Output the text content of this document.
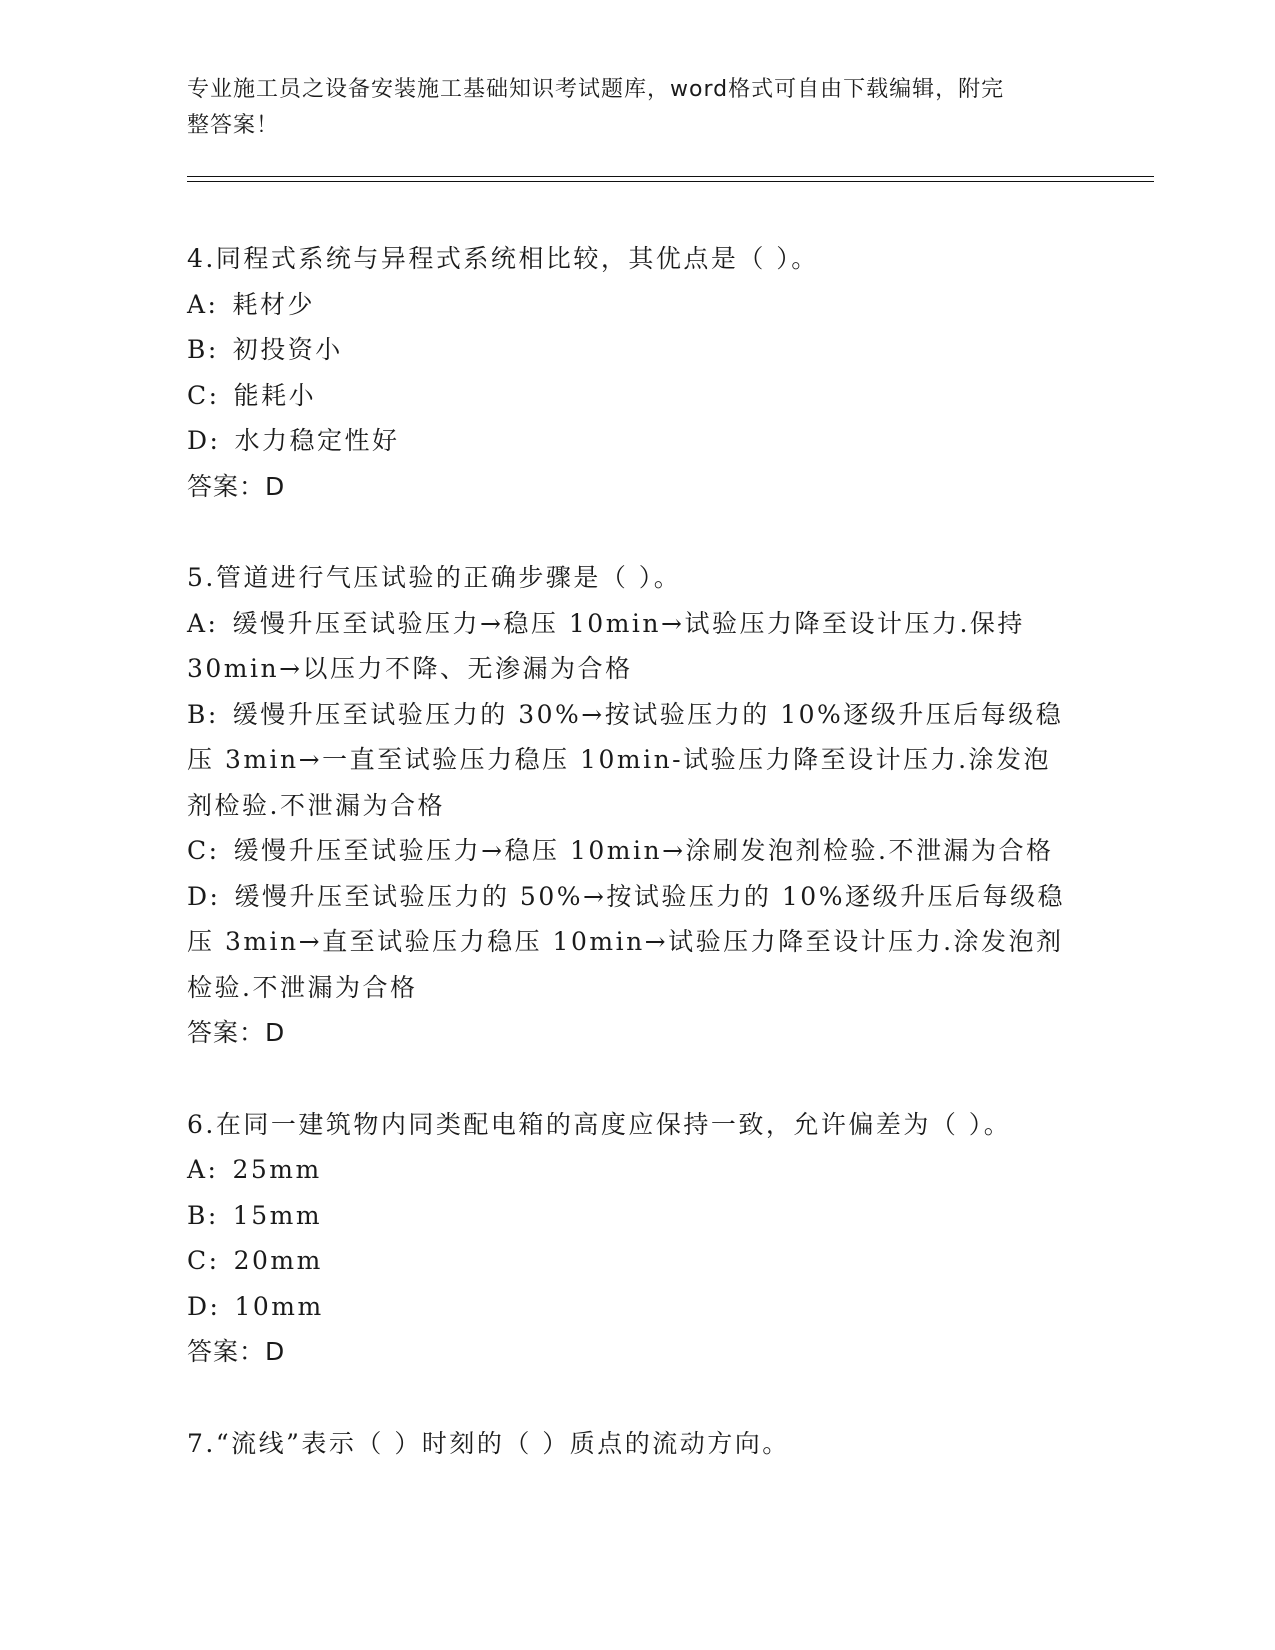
专业施工员之设备安装施工基础知识考试题库，word格式可自由下载编辑，附完
整答案！
4.同程式系统与异程式系统相比较，其优点是（ ）。
A: 耗材少
B: 初投资小
C: 能耗小
D: 水力稳定性好
答案：D
5.管道进行气压试验的正确步骤是（ ）。
A: 缓慢升压至试验压力→稳压 10min→试验压力降至设计压力.保持
30min→以压力不降、无渗漏为合格
B: 缓慢升压至试验压力的 30%→按试验压力的 10%逐级升压后每级稳
压 3min→一直至试验压力稳压 10min-试验压力降至设计压力.涂发泡
剂检验.不泄漏为合格
C: 缓慢升压至试验压力→稳压 10min→涂刷发泡剂检验.不泄漏为合格
D: 缓慢升压至试验压力的 50%→按试验压力的 10%逐级升压后每级稳
压 3min→直至试验压力稳压 10min→试验压力降至设计压力.涂发泡剂
检验.不泄漏为合格
答案：D
6.在同一建筑物内同类配电箱的高度应保持一致，允许偏差为（ ）。
A: 25mm
B: 15mm
C: 20mm
D: 10mm
答案：D
7.“流线”表示（ ）时刻的（ ）质点的流动方向。
